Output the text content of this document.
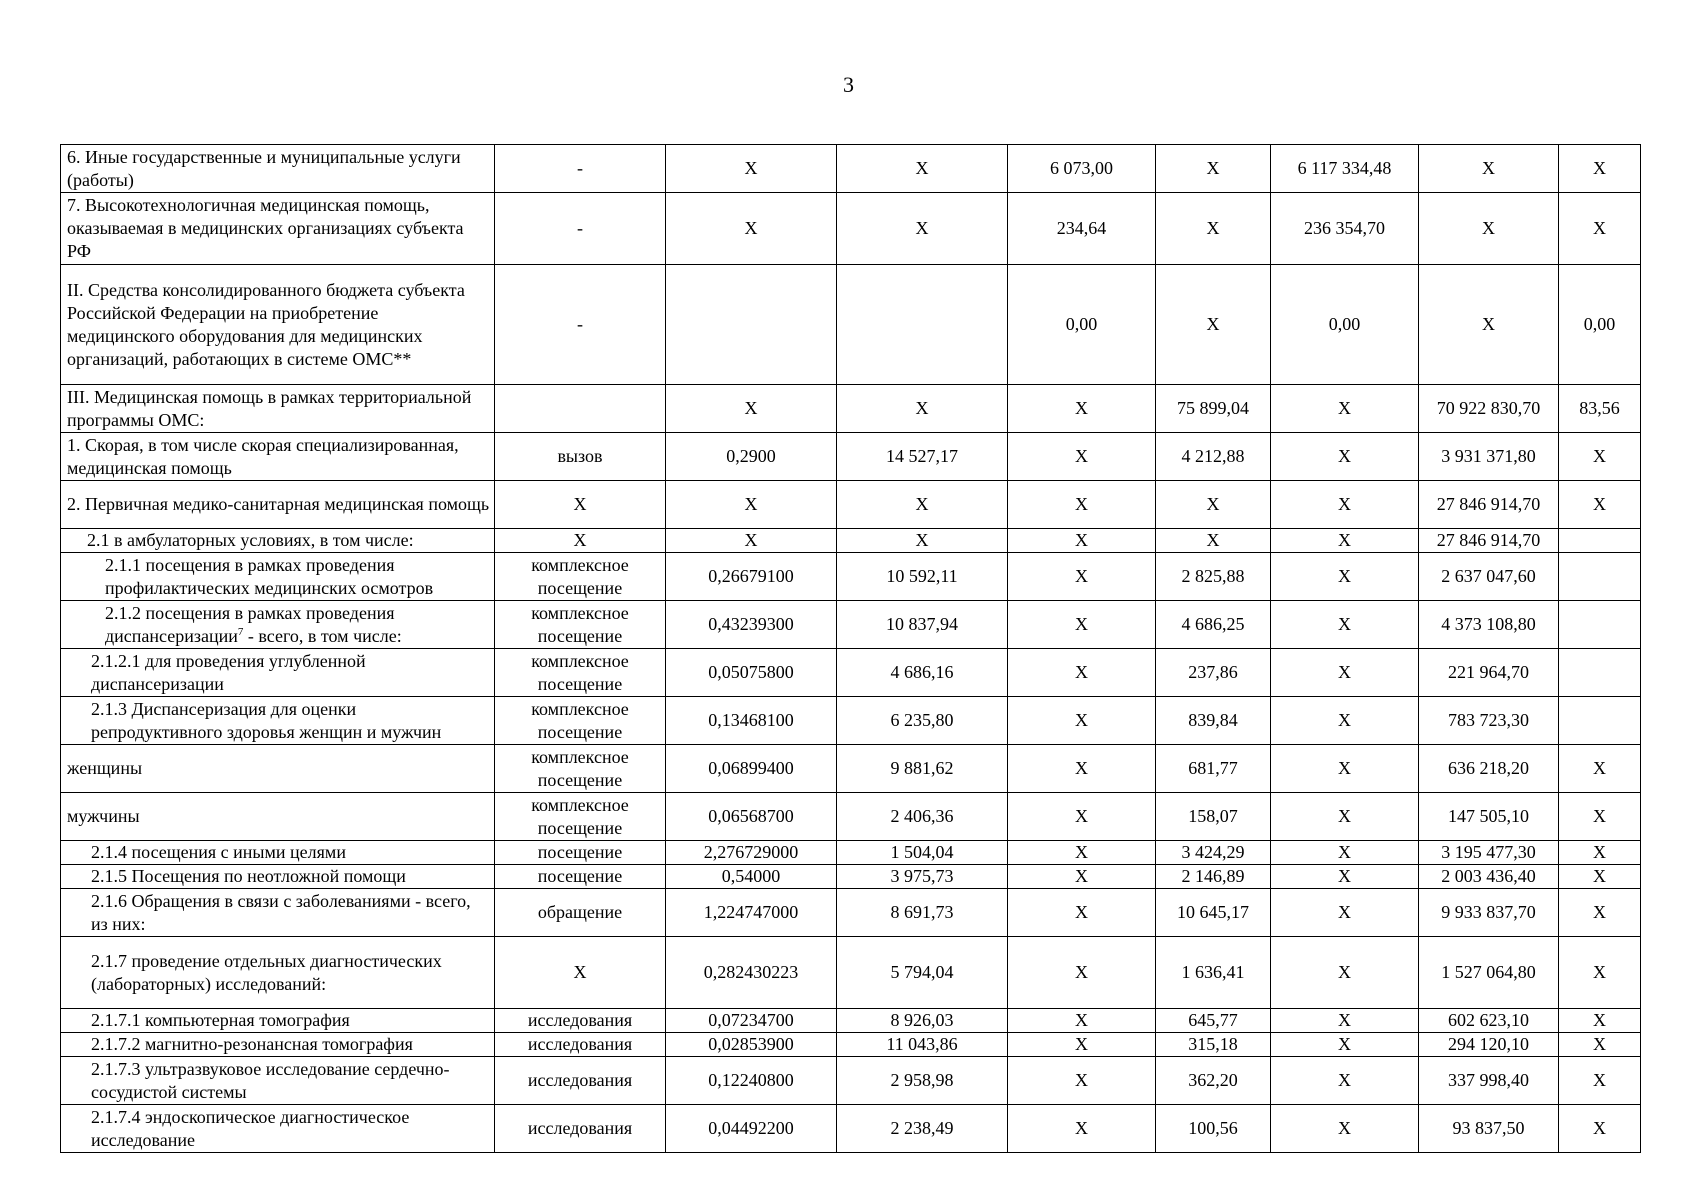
3
6. Иные государственные и муниципальные услуги (работы)	-	Х	Х	6 073,00	Х	6 117 334,48	Х	Х
7. Высокотехнологичная медицинская помощь, оказываемая в медицинских организациях субъекта РФ	-	Х	Х	234,64	Х	236 354,70	Х	Х
II. Средства консолидированного бюджета субъекта Российской Федерации на приобретение медицинского оборудования для медицинских организаций, работающих в системе ОМС**	-			0,00	Х	0,00	Х	0,00
III. Медицинская помощь в рамках территориальной программы ОМС:		Х	Х	Х	75 899,04	Х	70 922 830,70	83,56
1. Скорая, в том числе скорая специализированная, медицинская помощь	вызов	0,2900	14 527,17	Х	4 212,88	Х	3 931 371,80	Х
2. Первичная медико-санитарная медицинская помощь	Х	Х	Х	Х	Х	Х	27 846 914,70	Х
2.1 в амбулаторных условиях, в том числе:	Х	Х	Х	Х	Х	Х	27 846 914,70	
2.1.1 посещения в рамках проведения профилактических медицинских осмотров	комплексное посещение	0,26679100	10 592,11	Х	2 825,88	Х	2 637 047,60	
2.1.2 посещения в рамках проведения диспансеризации$^7$ - всего, в том числе:	комплексное посещение	0,43239300	10 837,94	Х	4 686,25	Х	4 373 108,80	
2.1.2.1 для проведения углубленной диспансеризации	комплексное посещение	0,05075800	4 686,16	Х	237,86	Х	221 964,70	
2.1.3 Диспансеризация для оценки репродуктивного здоровья женщин и мужчин	комплексное посещение	0,13468100	6 235,80	Х	839,84	Х	783 723,30	
женщины	комплексное посещение	0,06899400	9 881,62	Х	681,77	Х	636 218,20	Х
мужчины	комплексное посещение	0,06568700	2 406,36	Х	158,07	Х	147 505,10	Х
2.1.4 посещения с иными целями	посещение	2,276729000	1 504,04	Х	3 424,29	Х	3 195 477,30	Х
2.1.5 Посещения по неотложной помощи	посещение	0,54000	3 975,73	Х	2 146,89	Х	2 003 436,40	Х
2.1.6 Обращения в связи с заболеваниями - всего, из них:	обращение	1,224747000	8 691,73	Х	10 645,17	Х	9 933 837,70	Х
2.1.7 проведение отдельных диагностических (лабораторных) исследований:	Х	0,282430223	5 794,04	Х	1 636,41	Х	1 527 064,80	Х
2.1.7.1 компьютерная томография	исследования	0,07234700	8 926,03	Х	645,77	Х	602 623,10	Х
2.1.7.2 магнитно-резонансная томография	исследования	0,02853900	11 043,86	Х	315,18	Х	294 120,10	Х
2.1.7.3 ультразвуковое исследование сердечно-сосудистой системы	исследования	0,12240800	2 958,98	Х	362,20	Х	337 998,40	Х
2.1.7.4 эндоскопическое диагностическое исследование	исследования	0,04492200	2 238,49	Х	100,56	Х	93 837,50	Х
